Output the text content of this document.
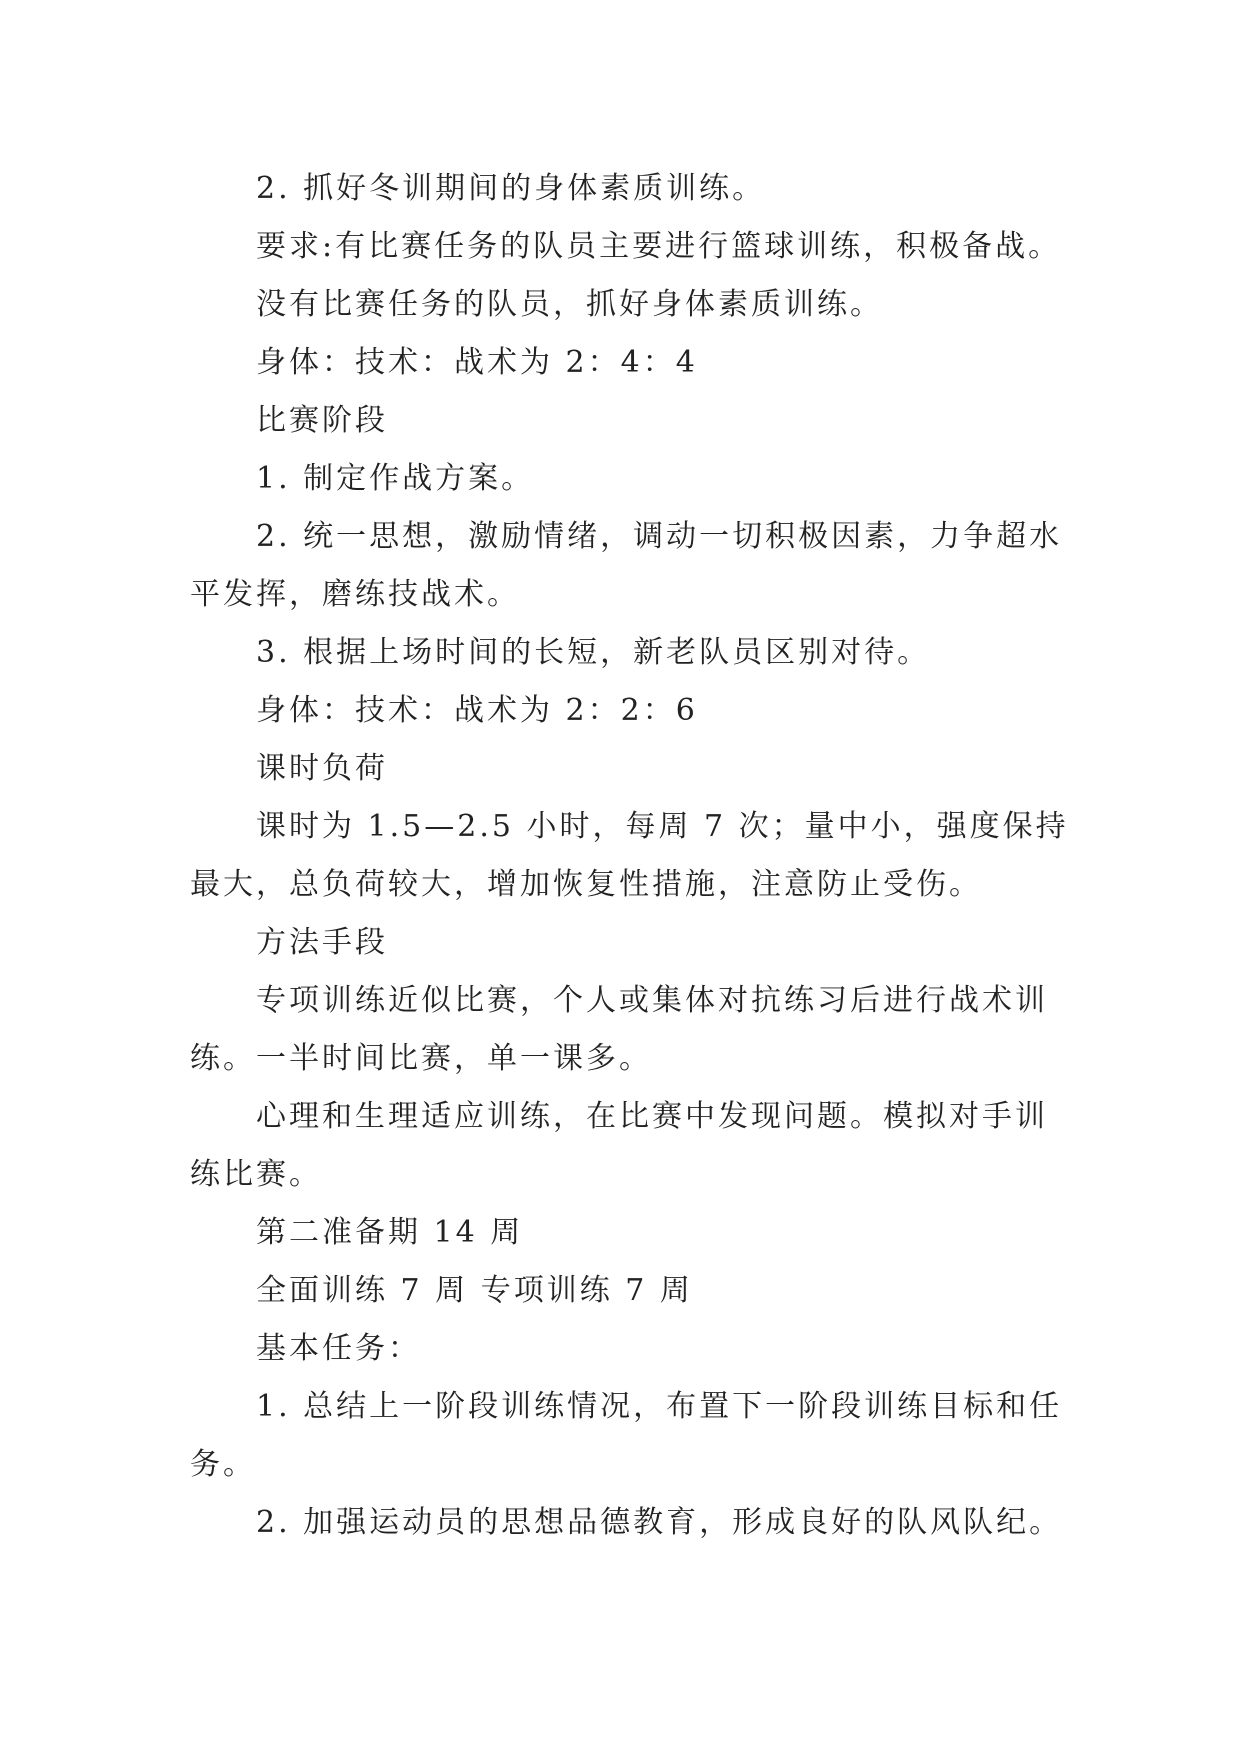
2. 抓好冬训期间的身体素质训练。

要求:有比赛任务的队员主要进行篮球训练，积极备战。

没有比赛任务的队员，抓好身体素质训练。

身体：技术：战术为 2：4：4

比赛阶段

1. 制定作战方案。

2. 统一思想，激励情绪，调动一切积极因素，力争超水平发挥，磨练技战术。

3. 根据上场时间的长短，新老队员区别对待。

身体：技术：战术为 2：2：6

课时负荷

课时为 1.5—2.5 小时，每周 7 次；量中小，强度保持最大，总负荷较大，增加恢复性措施，注意防止受伤。

方法手段

专项训练近似比赛，个人或集体对抗练习后进行战术训练。一半时间比赛，单一课多。

心理和生理适应训练，在比赛中发现问题。模拟对手训练比赛。

第二准备期 14 周

全面训练 7 周 专项训练 7 周

基本任务：

1. 总结上一阶段训练情况，布置下一阶段训练目标和任务。

2. 加强运动员的思想品德教育，形成良好的队风队纪。
